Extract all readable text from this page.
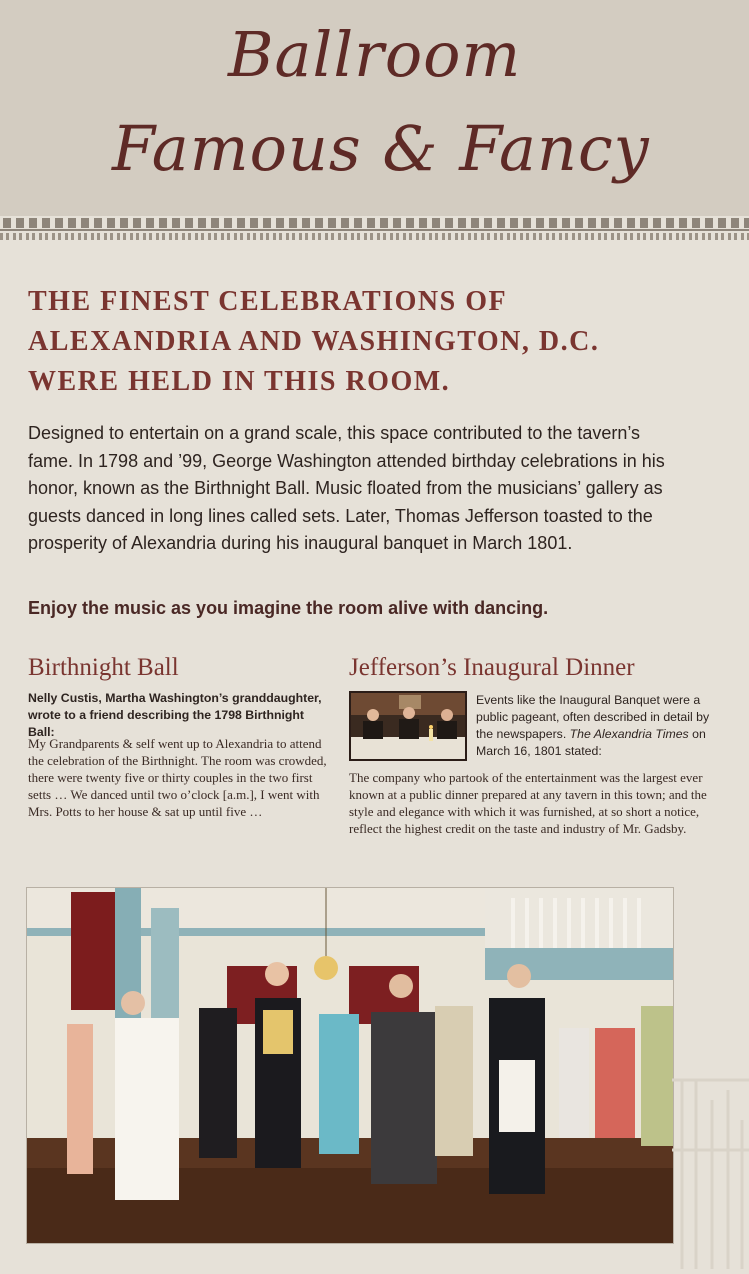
Ballroom
Famous & Fancy
THE FINEST CELEBRATIONS OF ALEXANDRIA AND WASHINGTON, D.C. WERE HELD IN THIS ROOM.

Designed to entertain on a grand scale, this space contributed to the tavern’s fame. In 1798 and ’99, George Washington attended birthday celebrations in his honor, known as the Birthnight Ball. Music floated from the musicians’ gallery as guests danced in long lines called sets. Later, Thomas Jefferson toasted to the prosperity of Alexandria during his inaugural banquet in March 1801.

Enjoy the music as you imagine the room alive with dancing.

Birthnight Ball

Nelly Custis, Martha Washington’s granddaughter, wrote to a friend describing the 1798 Birthnight Ball:

My Grandparents & self went up to Alexandria to attend the celebration of the Birthnight. The room was crowded, there were twenty five or thirty couples in the two first setts … We danced until two o’clock [a.m.], I went with Mrs. Potts to her house & sat up until five …

Jefferson’s Inaugural Dinner

Events like the Inaugural Banquet were a public pageant, often described in detail by the newspapers. The Alexandria Times on March 16, 1801 stated:

The company who partook of the entertainment was the largest ever known at a public dinner prepared at any tavern in this town; and the style and elegance with which it was furnished, at so short a notice, reflect the highest credit on the taste and industry of Mr. Gadsby.
